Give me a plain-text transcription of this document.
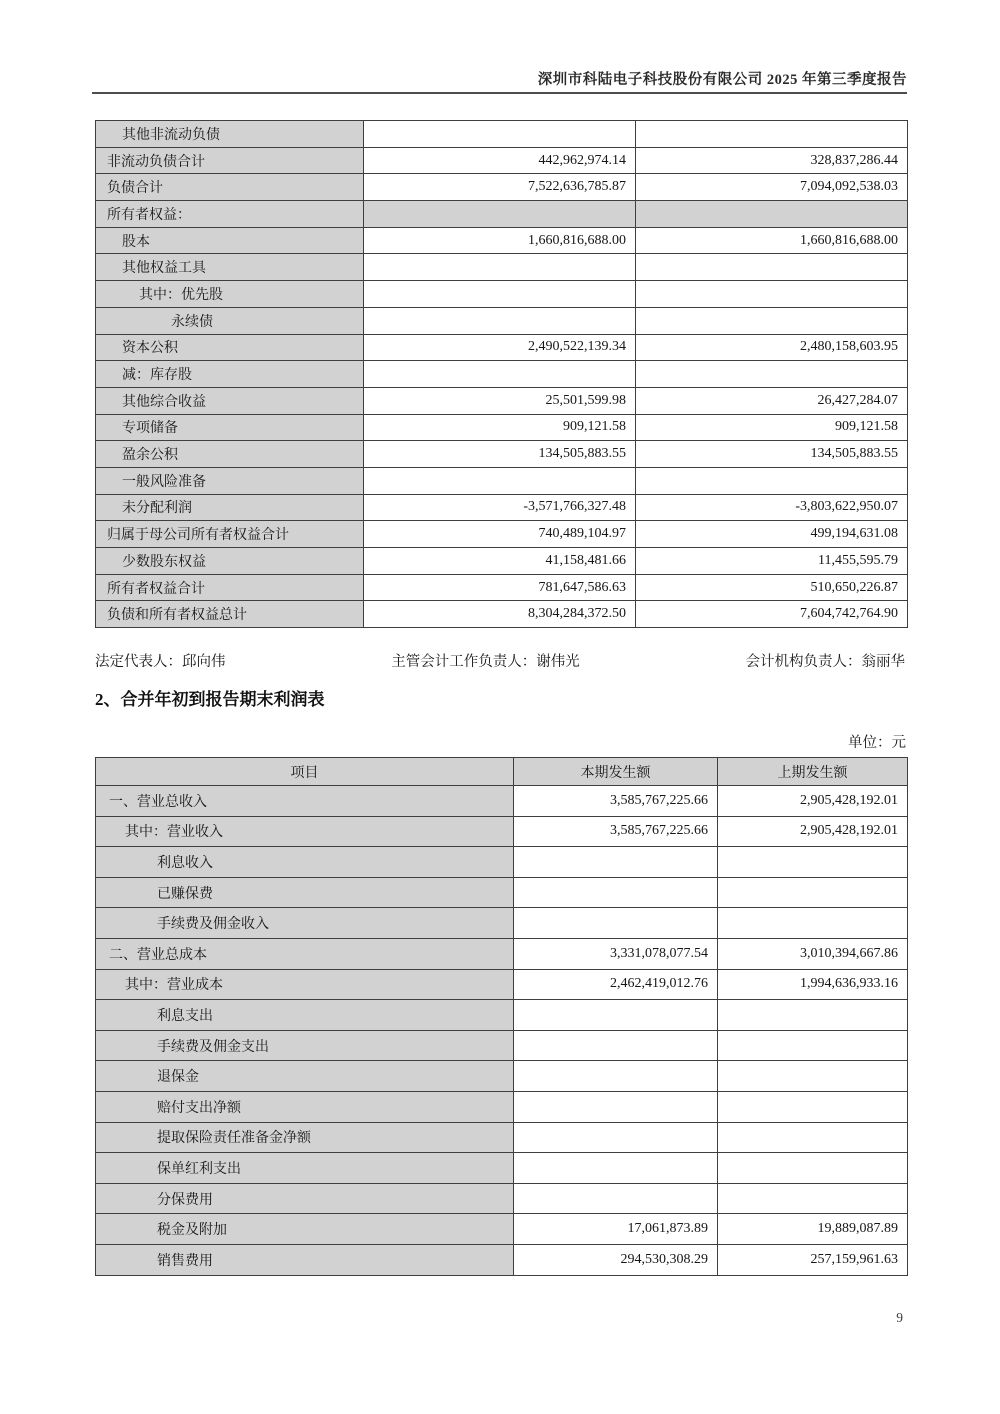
深圳市科陆电子科技股份有限公司 2025 年第三季度报告
其他非流动负债		
非流动负债合计	442,962,974.14	328,837,286.44
负债合计	7,522,636,785.87	7,094,092,538.03
所有者权益：		
股本	1,660,816,688.00	1,660,816,688.00
其他权益工具		
其中：优先股		
永续债		
资本公积	2,490,522,139.34	2,480,158,603.95
减：库存股		
其他综合收益	25,501,599.98	26,427,284.07
专项储备	909,121.58	909,121.58
盈余公积	134,505,883.55	134,505,883.55
一般风险准备		
未分配利润	-3,571,766,327.48	-3,803,622,950.07
归属于母公司所有者权益合计	740,489,104.97	499,194,631.08
少数股东权益	41,158,481.66	11,455,595.79
所有者权益合计	781,647,586.63	510,650,226.87
负债和所有者权益总计	8,304,284,372.50	7,604,742,764.90
法定代表人：邱向伟	主管会计工作负责人：谢伟光	会计机构负责人：翁丽华
2、合并年初到报告期末利润表
单位：元
项目	本期发生额	上期发生额
一、营业总收入	3,585,767,225.66	2,905,428,192.01
其中：营业收入	3,585,767,225.66	2,905,428,192.01
利息收入		
已赚保费		
手续费及佣金收入		
二、营业总成本	3,331,078,077.54	3,010,394,667.86
其中：营业成本	2,462,419,012.76	1,994,636,933.16
利息支出		
手续费及佣金支出		
退保金		
赔付支出净额		
提取保险责任准备金净额		
保单红利支出		
分保费用		
税金及附加	17,061,873.89	19,889,087.89
销售费用	294,530,308.29	257,159,961.63
9
